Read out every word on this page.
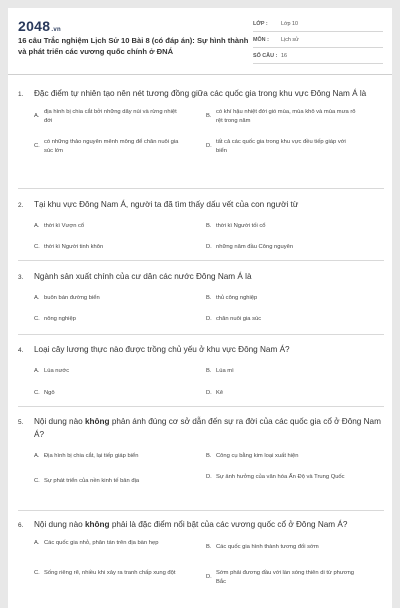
2048.vn
16 câu Trắc nghiệm Lịch Sử 10 Bài 8 (có đáp án): Sự hình thành và phát triển các vương quốc chính ở ĐNÁ
LỚP :	Lớp 10
MÔN :	Lịch sử
SỐ CÂU : 16
1.	Đặc điểm tự nhiên tạo nên nét tương đồng giữa các quốc gia trong khu vực Đông Nam Á là
A.
địa hình bị chia cắt bởi những dãy núi và rừng nhiệt đới
B.
có khí hậu nhiệt đới gió mùa, mùa khô và mùa mưa rõ rệt trong năm
C.
có những thảo nguyên mênh mông để chăn nuôi gia súc lớn
D.
tất cả các quốc gia trong khu vực đều tiếp giáp với biển
2.	Tại khu vực Đông Nam Á, người ta đã tìm thấy dấu vết của con người từ
A. thời kì Vượn cổ	B. thời kì Người tối cổ
C. thời kì Người tinh khôn	D. những năm đầu Công nguyên
3.	Ngành sản xuất chính của cư dân các nước Đông Nam Á là
A. buôn bán đường biển	B. thủ công nghiệp
C. nông nghiệp	D. chăn nuôi gia súc
4.	Loại cây lương thực nào được trồng chủ yếu ở khu vực Đông Nam Á?
A. Lúa nước	B. Lúa mì
C. Ngô	D. Kê
5.	Nội dung nào không phản ánh đúng cơ sở dẫn đến sự ra đời của các quốc gia cổ ở Đông Nam Á?
A. Địa hình bị chia cắt, lại tiếp giáp biển	B. Công cụ bằng kim loại xuất hiện
C. Sự phát triển của nền kinh tế bản địa
D. Sự ảnh hưởng của văn hóa Ấn Độ và Trung Quốc
6.	Nội dung nào không phải là đặc điểm nổi bật của các vương quốc cổ ở Đông Nam Á?
A. Các quốc gia nhỏ, phân tán trên địa bàn hẹp
B. Các quốc gia hình thành tương đối sớm
C. Sống riêng rẽ, nhiều khi xảy ra tranh chấp xung đột
D.
Sớm phải đương đầu với làn sóng thiên di từ phương Bắc
